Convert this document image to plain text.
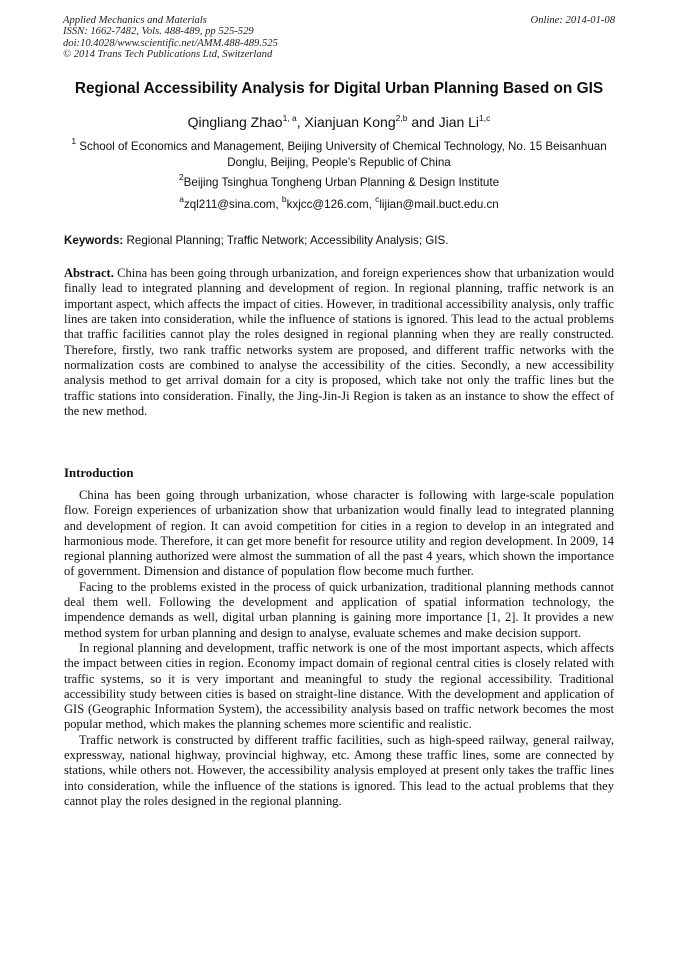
Applied Mechanics and Materials
ISSN: 1662-7482, Vols. 488-489, pp 525-529
doi:10.4028/www.scientific.net/AMM.488-489.525
© 2014 Trans Tech Publications Ltd, Switzerland
Online: 2014-01-08
Regional Accessibility Analysis for Digital Urban Planning Based on GIS
Qingliang Zhao$^{1, a}$, Xianjuan Kong$^{2,b}$ and Jian Li$^{1,c}$
$^1$ School of Economics and Management, Beijing University of Chemical Technology, No. 15 Beisanhuan Donglu, Beijing, People’s Republic of China
$^2$Beijing Tsinghua Tongheng Urban Planning & Design Institute
$^a$zql211@sina.com, $^b$kxjcc@126.com, $^c$lijian@mail.buct.edu.cn
Keywords: Regional Planning; Traffic Network; Accessibility Analysis; GIS.
Abstract. China has been going through urbanization, and foreign experiences show that urbanization would finally lead to integrated planning and development of region. In regional planning, traffic network is an important aspect, which affects the impact of cities. However, in traditional accessibility analysis, only traffic lines are taken into consideration, while the influence of stations is ignored. This lead to the actual problems that traffic facilities cannot play the roles designed in regional planning when they are really constructed. Therefore, firstly, two rank traffic networks system are proposed, and different traffic networks with the normalization costs are combined to analyse the accessibility of the cities. Secondly, a new accessibility analysis method to get arrival domain for a city is proposed, which take not only the traffic lines but the traffic stations into consideration. Finally, the Jing-Jin-Ji Region is taken as an instance to show the effect of the new method.
Introduction

China has been going through urbanization, whose character is following with large-scale population flow. Foreign experiences of urbanization show that urbanization would finally lead to integrated planning and development of region. It can avoid competition for cities in a region to develop in an integrated and harmonious mode. Therefore, it can get more benefit for resource utility and region development. In 2009, 14 regional planning authorized were almost the summation of all the past 4 years, which shown the importance of government. Dimension and distance of population flow become much further.

Facing to the problems existed in the process of quick urbanization, traditional planning methods cannot deal them well. Following the development and application of spatial information technology, the impendence demands as well, digital urban planning is gaining more importance [1, 2]. It provides a new method system for urban planning and design to analyse, evaluate schemes and make decision support.

In regional planning and development, traffic network is one of the most important aspects, which affects the impact between cities in region. Economy impact domain of regional central cities is closely related with traffic systems, so it is very important and meaningful to study the regional accessibility. Traditional accessibility study between cities is based on straight-line distance. With the development and application of GIS (Geographic Information System), the accessibility analysis based on traffic network becomes the most popular method, which makes the planning schemes more scientific and realistic.

Traffic network is constructed by different traffic facilities, such as high-speed railway, general railway, expressway, national highway, provincial highway, etc. Among these traffic lines, some are connected by stations, while others not. However, the accessibility analysis employed at present only takes the traffic lines into consideration, while the influence of the stations is ignored. This lead to the actual problems that they cannot play the roles designed in the regional planning.
